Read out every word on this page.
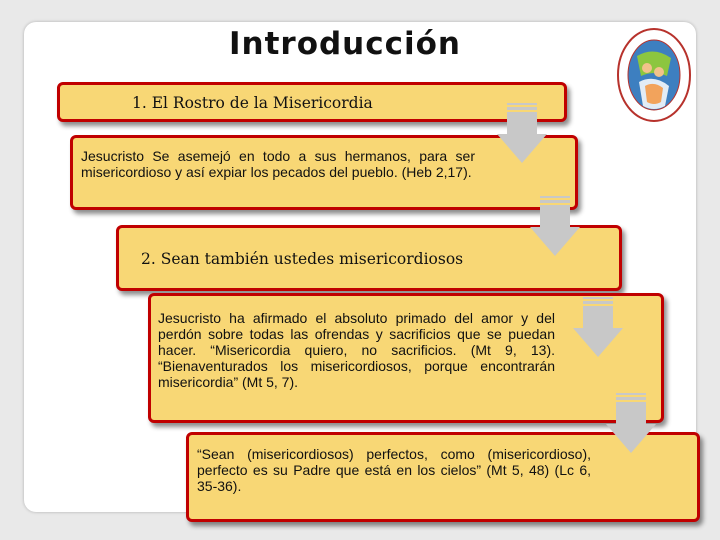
Introducción
1. El Rostro de la Misericordia
Jesucristo Se asemejó en todo a sus hermanos, para ser misericordioso y así expiar los pecados del pueblo. (Heb 2,17).
2. Sean también ustedes misericordiosos
Jesucristo ha afirmado el absoluto primado del amor y del perdón sobre todas las ofrendas y sacrificios que se puedan hacer. “Misericordia quiero, no sacrificios. (Mt 9, 13). “Bienaventurados los misericordiosos, porque encontrarán misericordia” (Mt 5, 7).
“Sean (misericordiosos) perfectos, como (misericordioso), perfecto es su Padre que está en los cielos” (Mt 5, 48) (Lc 6, 35-36).
